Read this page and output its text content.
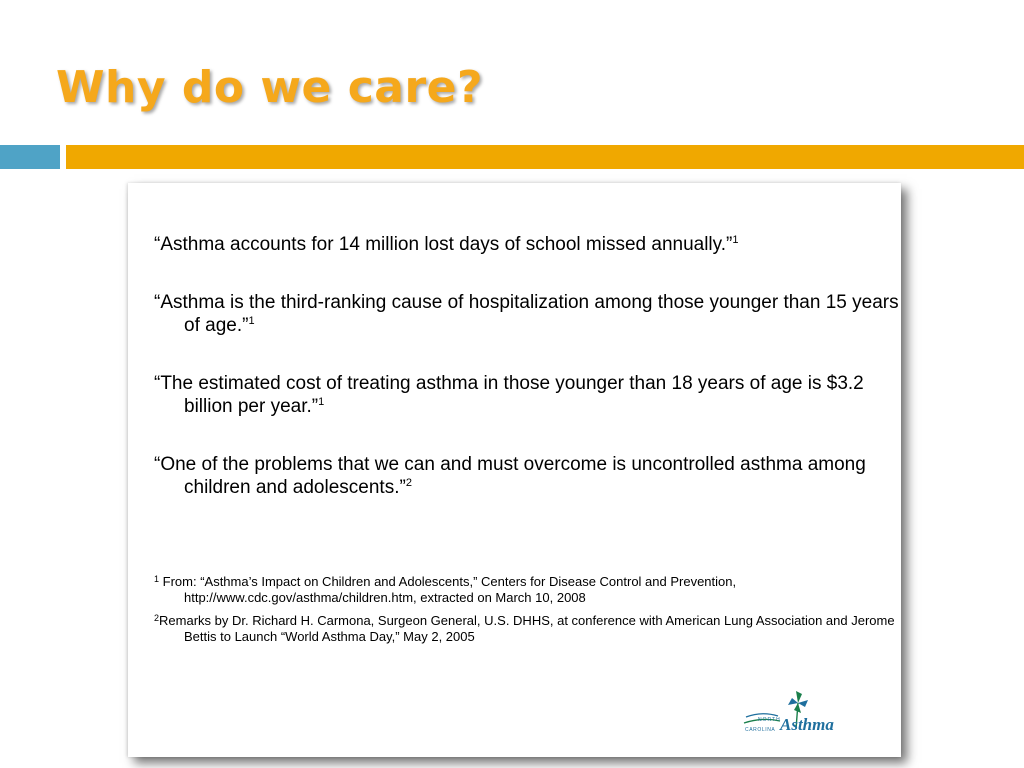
Why do we care?

“Asthma accounts for 14 million lost days of school missed annually.”$^1$

“Asthma is the third-ranking cause of hospitalization among those younger than 15 years of age.”$^1$

“The estimated cost of treating asthma in those younger than 18 years of age is $3.2 billion per year.”$^1$

“One of the problems that we can and must overcome is uncontrolled asthma among children and adolescents.”$^2$

$^1$ From: “Asthma’s Impact on Children and Adolescents,” Centers for Disease Control and Prevention, http://www.cdc.gov/asthma/children.htm, extracted on March 10, 2008

$^2$Remarks by Dr. Richard H. Carmona, Surgeon General, U.S. DHHS, at conference with American Lung Association and Jerome Bettis to Launch “World Asthma Day,” May 2, 2005

NORTH
CAROLINA Asthma
